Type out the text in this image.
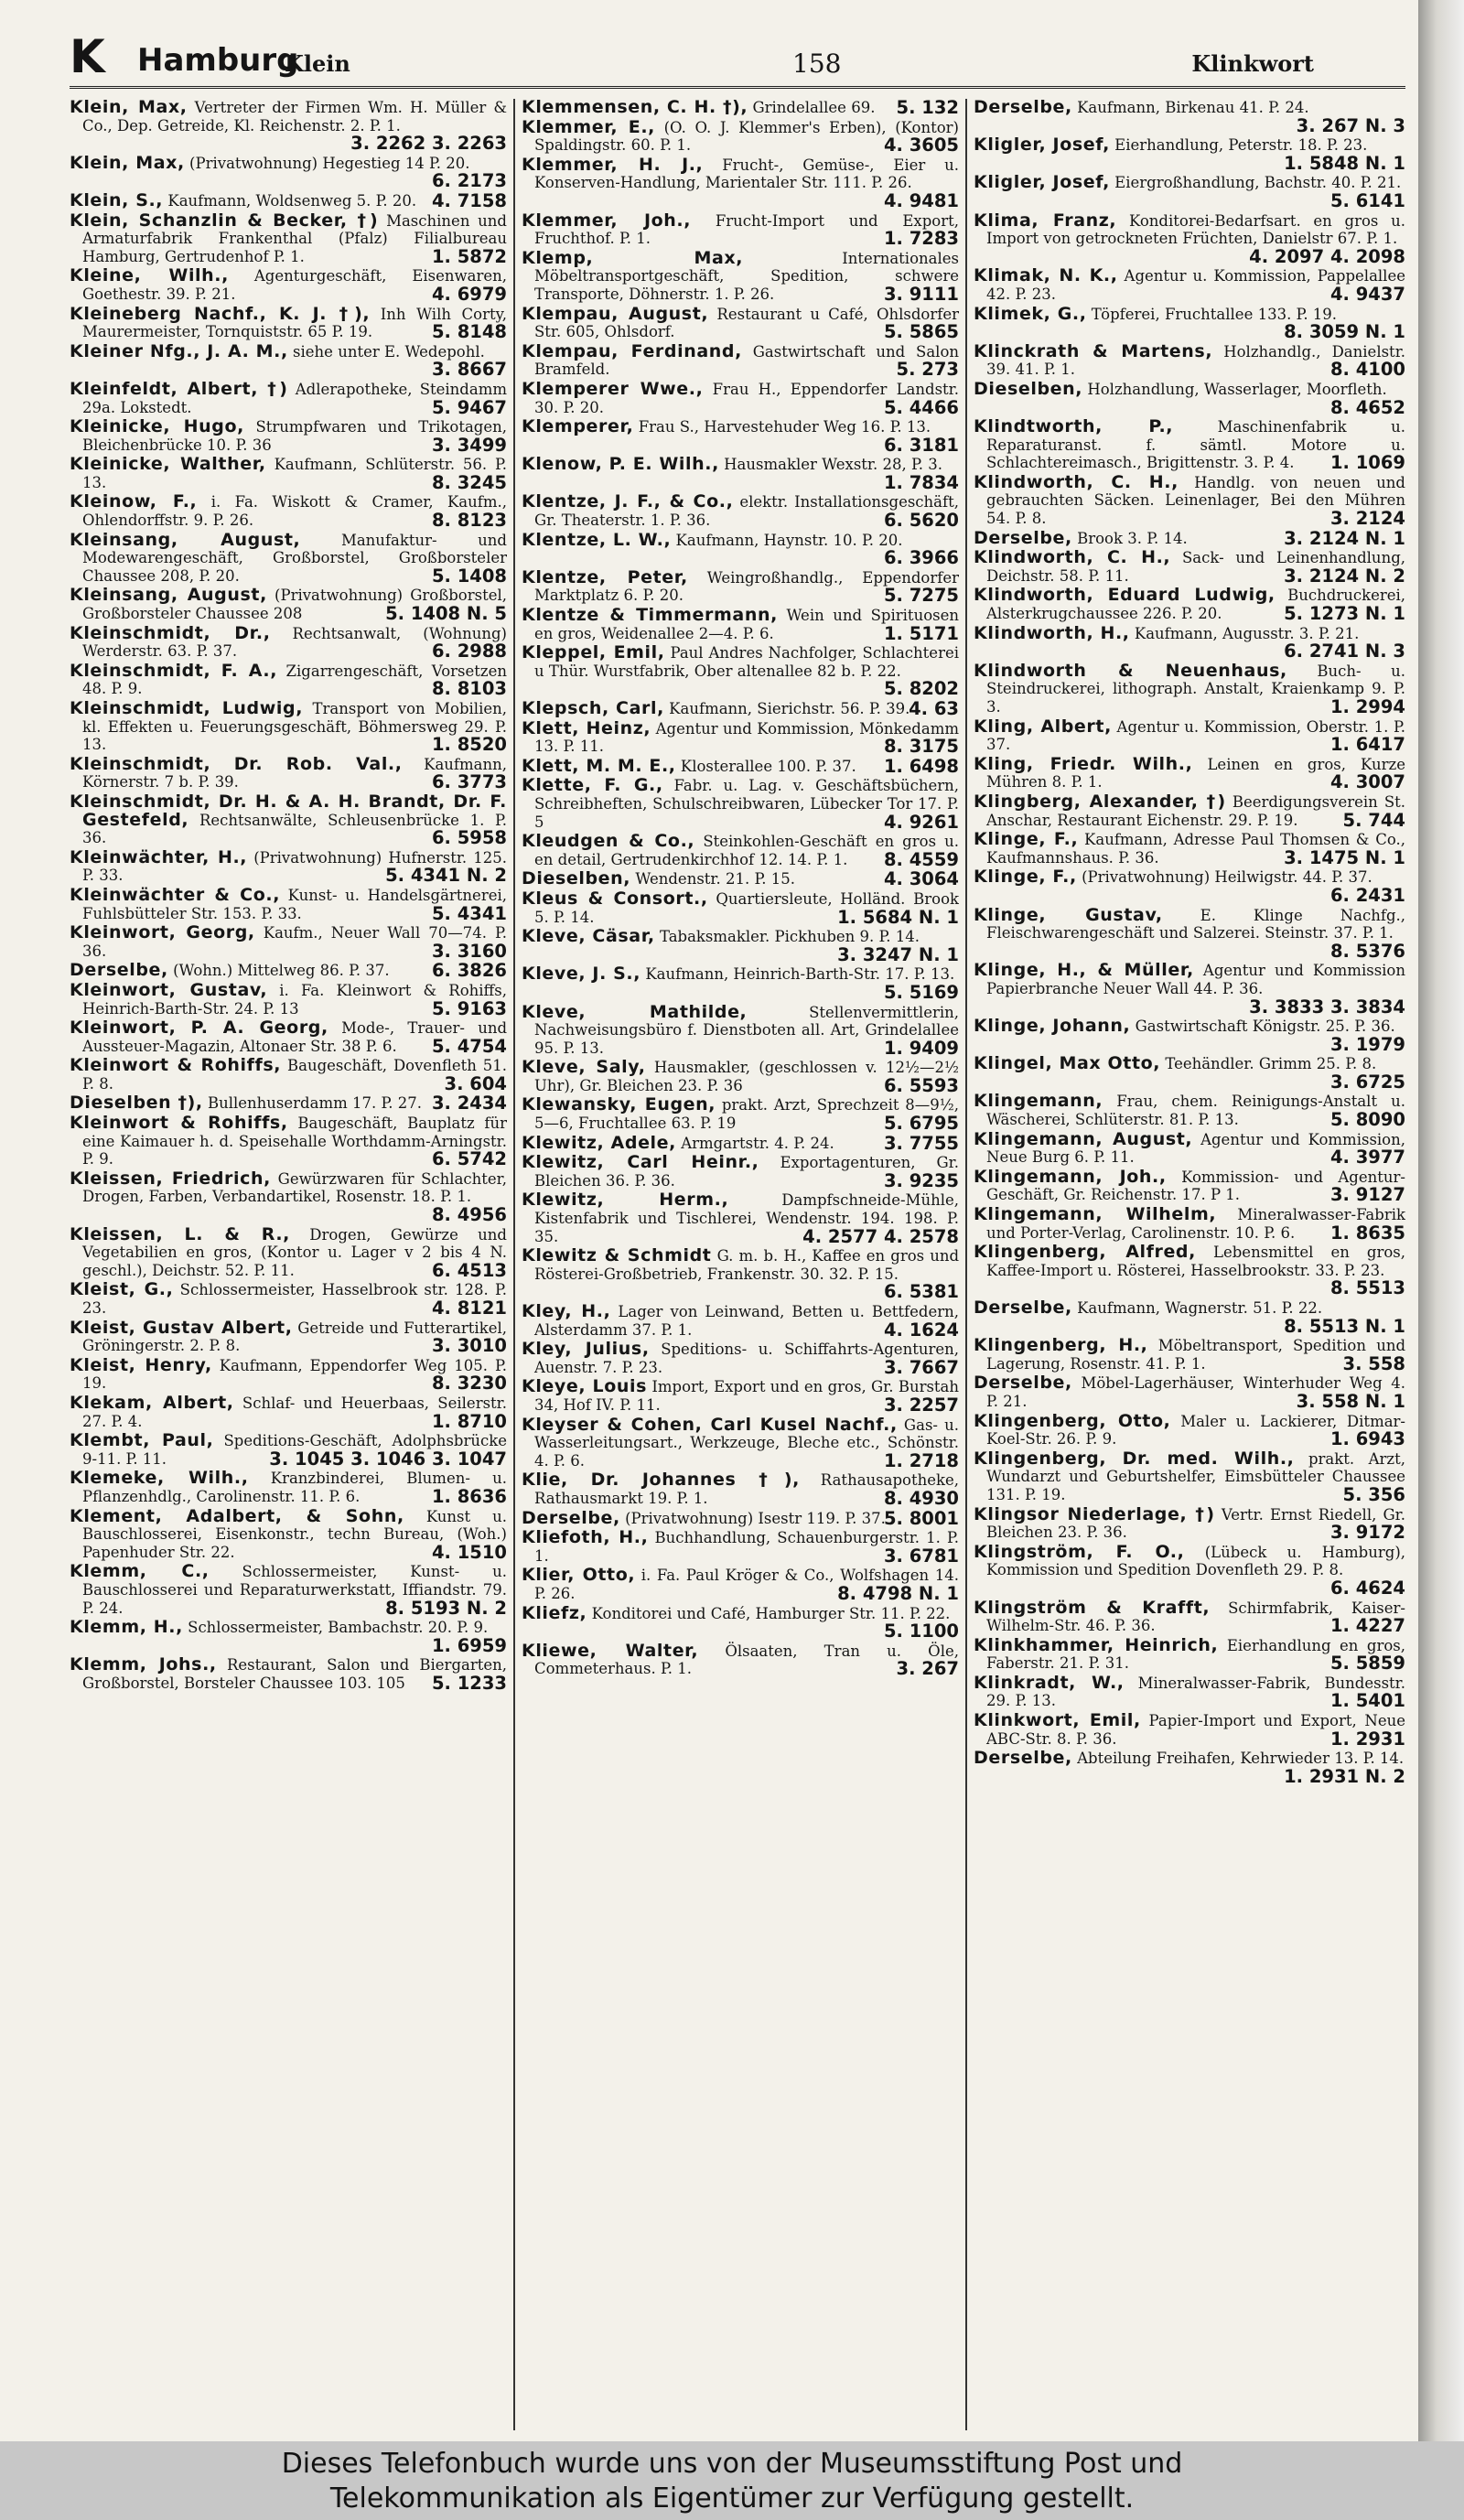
K Hamburg
Klein	158	Klinkwort

Klein, Max, Vertreter der Firmen Wm. H. Müller & Co., Dep. Getreide, Kl. Reichenstr. 2. P. 1.
3. 2262 3. 2263

Klein, Max, (Privatwohnung) Hegestieg 14 P. 20.
6. 2173

Klein, S., Kaufmann, Woldsenweg 5. P. 20. 4. 7158

Klein, Schanzlin & Becker, †) Maschinen und Armaturfabrik Frankenthal (Pfalz) Filialbureau Hamburg, Gertrudenhof P. 1.	1. 5872

Kleine, Wilh., Agenturgeschäft, Eisenwaren, Goethestr. 39. P. 21.	4. 6979

Kleineberg Nachf., K. J. †), Inh Wilh Corty, Maurermeister, Tornquiststr. 65 P. 19.	5. 8148

Kleiner Nfg., J. A. M., siehe unter E. Wedepohl.
3. 8667

Kleinfeldt, Albert, †) Adlerapotheke, Steindamm 29a. Lokstedt.	5. 9467

Kleinicke, Hugo, Strumpfwaren und Trikotagen, Bleichenbrücke 10. P. 36	3. 3499

Kleinicke, Walther, Kaufmann, Schlüterstr. 56. P. 13.	8. 3245

Kleinow, F., i. Fa. Wiskott & Cramer, Kaufm., Ohlendorffstr. 9. P. 26.	8. 8123

Kleinsang, August,	Manufaktur- und Modewarengeschäft, Großborstel, Großborsteler Chaussee 208, P. 20.	5. 1408

Kleinsang, August, (Privatwohnung) Großborstel, Großborsteler Chaussee 208	5. 1408 N. 5

Kleinschmidt, Dr., Rechtsanwalt, (Wohnung) Werderstr. 63. P. 37.	6. 2988

Kleinschmidt, F. A., Zigarrengeschäft, Vorsetzen 48. P. 9.	8. 8103

Kleinschmidt, Ludwig, Transport von Mobilien, kl. Effekten u. Feuerungsgeschäft, Böhmersweg 29. P. 13.	1. 8520

Kleinschmidt, Dr. Rob. Val., Kaufmann, Körnerstr. 7 b. P. 39.	6. 3773

Kleinschmidt, Dr. H. & A. H. Brandt, Dr. F. Gestefeld, Rechtsanwälte, Schleusenbrücke 1. P. 36.	6. 5958

Kleinwächter, H., (Privatwohnung) Hufnerstr. 125. P. 33.	5. 4341 N. 2

Kleinwächter & Co., Kunst- u. Handelsgärtnerei, Fuhlsbütteler Str. 153. P. 33.	5. 4341

Kleinwort, Georg, Kaufm., Neuer Wall 70—74. P. 36.	3. 3160

Derselbe, (Wohn.) Mittelweg 86. P. 37. 6. 3826

Kleinwort, Gustav, i. Fa. Kleinwort & Rohiffs, Heinrich-Barth-Str. 24. P. 13	5. 9163

Kleinwort, P. A. Georg, Mode-, Trauer- und Aussteuer-Magazin, Altonaer Str. 38 P. 6. 5. 4754

Kleinwort & Rohiffs, Baugeschäft, Dovenfleth 51. P. 8.	3. 604

Dieselben †), Bullenhuserdamm 17. P. 27. 3. 2434

Kleinwort & Rohiffs, Baugeschäft, Bauplatz für eine Kaimauer h. d. Speisehalle Worthdamm-Arningstr. P. 9.	6. 5742

Kleissen, Friedrich, Gewürzwaren für Schlachter, Drogen, Farben, Verbandartikel, Rosenstr. 18. P. 1.
8. 4956

Kleissen, L. & R., Drogen, Gewürze und Vegetabilien en gros, (Kontor u. Lager v 2 bis 4 N. geschl.), Deichstr. 52. P. 11.	6. 4513

Kleist, G., Schlossermeister, Hasselbrook str. 128. P. 23.	4. 8121

Kleist, Gustav Albert, Getreide und Futterartikel, Gröningerstr. 2. P. 8.	3. 3010

Kleist, Henry, Kaufmann, Eppendorfer Weg 105. P. 19.	8. 3230

Klekam, Albert, Schlaf- und Heuerbaas, Seilerstr. 27. P. 4.	1. 8710

Klembt, Paul, Speditions-Geschäft, Adolphsbrücke 9-11. P. 11.	3. 1045 3. 1046 3. 1047

Klemeke, Wilh., Kranzbinderei, Blumen- u. Pflanzenhdlg., Carolinenstr. 11. P. 6.	1. 8636

Klement, Adalbert, & Sohn, Kunst u. Bauschlosserei, Eisenkonstr., techn Bureau, (Woh.) Papenhuder Str. 22.	4. 1510

Klemm, C., Schlossermeister, Kunst- u. Bauschlosserei und Reparaturwerkstatt, Iffiandstr. 79. P. 24.	8. 5193 N. 2

Klemm, H., Schlossermeister, Bambachstr. 20. P. 9.
1. 6959

Klemm, Johs., Restaurant, Salon und Biergarten, Großborstel, Borsteler Chaussee 103. 105 5. 1233

Klemmensen, C. H. †), Grindelallee 69. 5. 132

Klemmer, E., (O. O. J. Klemmer's Erben), (Kontor) Spaldingstr. 60. P. 1.	4. 3605

Klemmer, H. J., Frucht-, Gemüse-, Eier u. Konserven-Handlung, Marientaler Str. 111. P. 26.
4. 9481

Klemmer, Joh., Frucht-Import und Export, Fruchthof. P. 1.	1. 7283

Klemp, Max,	Internationales Möbeltransportgeschäft, Spedition, schwere Transporte, Döhnerstr. 1. P. 26.	3. 9111

Klempau, August, Restaurant u Café, Ohlsdorfer Str. 605, Ohlsdorf.	5. 5865

Klempau, Ferdinand, Gastwirtschaft und Salon Bramfeld.	5. 273

Klemperer Wwe., Frau H., Eppendorfer Landstr. 30. P. 20.	5. 4466

Klemperer, Frau S., Harvestehuder Weg 16. P. 13.
6. 3181

Klenow, P. E. Wilh., Hausmakler Wexstr. 28, P. 3.
1. 7834

Klentze, J. F., & Co., elektr. Installationsgeschäft, Gr. Theaterstr. 1. P. 36.	6. 5620

Klentze, L. W., Kaufmann, Haynstr. 10. P. 20.
6. 3966

Klentze, Peter, Weingroßhandlg., Eppendorfer Marktplatz 6. P. 20.	5. 7275

Klentze & Timmermann, Wein und Spirituosen en gros, Weidenallee 2—4. P. 6.	1. 5171

Kleppel, Emil, Paul Andres Nachfolger, Schlachterei u Thür. Wurstfabrik, Ober altenallee 82 b. P. 22.
5. 8202

Klepsch, Carl, Kaufmann, Sierichstr. 56. P. 39.
4. 63

Klett, Heinz, Agentur und Kommission, Mönkedamm 13. P. 11.	8. 3175

Klett, M. M. E., Klosterallee 100. P. 37. 1. 6498

Klette, F. G., Fabr. u. Lag. v. Geschäftsbüchern, Schreibheften, Schulschreibwaren, Lübecker Tor 17. P. 5	4. 9261

Kleudgen & Co., Steinkohlen-Geschäft en gros u. en detail, Gertrudenkirchhof 12. 14. P. 1. 8. 4559

Dieselben, Wendenstr. 21. P. 15.	4. 3064

Kleus & Consort., Quartiersleute, Holländ. Brook 5. P. 14.	1. 5684 N. 1

Kleve, Cäsar, Tabaksmakler. Pickhuben 9. P. 14.
3. 3247 N. 1

Kleve, J. S., Kaufmann, Heinrich-Barth-Str. 17. P. 13.
5. 5169

Kleve, Mathilde,	Stellenvermittlerin, Nachweisungsbüro f. Dienstboten all. Art, Grindelallee 95. P. 13.	1. 9409

Kleve, Saly, Hausmakler, (geschlossen v. 12½—2½ Uhr), Gr. Bleichen 23. P. 36	6. 5593

Klewansky, Eugen, prakt. Arzt, Sprechzeit 8—9½, 5—6, Fruchtallee 63. P. 19	5. 6795

Klewitz, Adele, Armgartstr. 4. P. 24.	3. 7755

Klewitz, Carl Heinr., Exportagenturen, Gr. Bleichen 36. P. 36.	3. 9235

Klewitz, Herm.,	Dampfschneide-Mühle, Kistenfabrik und Tischlerei, Wendenstr. 194. 198. P. 35.	4. 2577 4. 2578

Klewitz & Schmidt G. m. b. H., Kaffee en gros und Rösterei-Großbetrieb, Frankenstr. 30. 32. P. 15.
6. 5381

Kley, H., Lager von Leinwand, Betten u. Bettfedern, Alsterdamm 37. P. 1.	4. 1624

Kley, Julius, Speditions- u. Schiffahrts-Agenturen, Auenstr. 7. P. 23.	3. 7667

Kleye, Louis Import, Export und en gros, Gr. Burstah 34, Hof IV. P. 11.	3. 2257

Kleyser & Cohen, Carl Kusel Nachf., Gas- u. Wasserleitungsart., Werkzeuge, Bleche etc., Schönstr. 4. P. 6.	1. 2718

Klie, Dr. Johannes †), Rathausapotheke, Rathausmarkt 19. P. 1.	8. 4930

Derselbe, (Privatwohnung) Isestr 119. P. 37.
5. 8001

Kliefoth, H., Buchhandlung, Schauenburgerstr. 1. P. 1.	3. 6781

Klier, Otto, i. Fa. Paul Kröger & Co., Wolfshagen 14. P. 26.	8. 4798 N. 1

Kliefz, Konditorei und Café, Hamburger Str. 11. P. 22.
5. 1100

Kliewe, Walter, Ölsaaten, Tran u. Öle, Commeterhaus. P. 1.	3. 267

Derselbe, Kaufmann, Birkenau 41. P. 24.
3. 267 N. 3

Kligler, Josef, Eierhandlung, Peterstr. 18. P. 23.
1. 5848 N. 1

Kligler, Josef, Eiergroßhandlung, Bachstr. 40. P. 21.
5. 6141

Klima, Franz, Konditorei-Bedarfsart. en gros u. Import von getrockneten Früchten, Danielstr 67. P. 1.
4. 2097 4. 2098

Klimak, N. K., Agentur u. Kommission, Pappelallee 42. P. 23.	4. 9437

Klimek, G., Töpferei, Fruchtallee 133. P. 19.
8. 3059 N. 1

Klinckrath & Martens, Holzhandlg., Danielstr. 39. 41. P. 1.	8. 4100

Dieselben, Holzhandlung, Wasserlager, Moorfleth.
8. 4652

Klindtworth, P.,	Maschinenfabrik u. Reparaturanst. f. sämtl. Motore u. Schlachtereimasch., Brigittenstr. 3. P. 4. 1. 1069

Klindworth, C. H., Handlg. von neuen und gebrauchten Säcken. Leinenlager, Bei den Mühren 54. P. 8.	3. 2124

Derselbe, Brook 3. P. 14.	3. 2124 N. 1

Klindworth, C. H., Sack- und Leinenhandlung, Deichstr. 58. P. 11.	3. 2124 N. 2

Klindworth, Eduard Ludwig, Buchdruckerei, Alsterkrugchaussee 226. P. 20.	5. 1273 N. 1

Klindworth, H., Kaufmann, Augusstr. 3. P. 21.
6. 2741 N. 3

Klindworth & Neuenhaus, Buch- u. Steindruckerei, lithograph. Anstalt, Kraienkamp 9. P. 3.	1. 2994

Kling, Albert, Agentur u. Kommission, Oberstr. 1. P. 37.	1. 6417

Kling, Friedr. Wilh., Leinen en gros, Kurze Mühren 8. P. 1.	4. 3007

Klingberg, Alexander, †) Beerdigungsverein St. Anschar, Restaurant Eichenstr. 29. P. 19.	5. 744

Klinge, F., Kaufmann, Adresse Paul Thomsen & Co., Kaufmannshaus. P. 36.	3. 1475 N. 1

Klinge, F., (Privatwohnung) Heilwigstr. 44. P. 37.
6. 2431

Klinge, Gustav, E. Klinge Nachfg., Fleischwarengeschäft und Salzerei. Steinstr. 37. P. 1.
8. 5376

Klinge, H., & Müller, Agentur und Kommission Papierbranche Neuer Wall 44. P. 36.
3. 3833 3. 3834

Klinge, Johann, Gastwirtschaft Königstr. 25. P. 36.
3. 1979

Klingel, Max Otto, Teehändler. Grimm 25. P. 8.
3. 6725

Klingemann, Frau, chem. Reinigungs-Anstalt u. Wäscherei, Schlüterstr. 81. P. 13.	5. 8090

Klingemann, August, Agentur und Kommission, Neue Burg 6. P. 11.	4. 3977

Klingemann, Joh., Kommission- und Agentur-Geschäft, Gr. Reichenstr. 17. P 1.	3. 9127

Klingemann, Wilhelm, Mineralwasser-Fabrik und Porter-Verlag, Carolinenstr. 10. P. 6. 1. 8635

Klingenberg, Alfred, Lebensmittel en gros, Kaffee-Import u. Rösterei, Hasselbrookstr. 33. P. 23.
8. 5513

Derselbe, Kaufmann, Wagnerstr. 51. P. 22.
8. 5513 N. 1

Klingenberg, H., Möbeltransport, Spedition und Lagerung, Rosenstr. 41. P. 1.	3. 558

Derselbe, Möbel-Lagerhäuser, Winterhuder Weg 4. P. 21.	3. 558 N. 1

Klingenberg, Otto, Maler u. Lackierer, Ditmar-Koel-Str. 26. P. 9.	1. 6943

Klingenberg, Dr. med. Wilh., prakt. Arzt, Wundarzt und Geburtshelfer, Eimsbütteler Chaussee 131. P. 19.	5. 356

Klingsor Niederlage, †) Vertr. Ernst Riedell, Gr. Bleichen 23. P. 36.	3. 9172

Klingström, F. O., (Lübeck u. Hamburg), Kommission und Spedition Dovenfleth 29. P. 8.
6. 4624

Klingström & Krafft, Schirmfabrik, Kaiser-Wilhelm-Str. 46. P. 36.	1. 4227

Klinkhammer, Heinrich, Eierhandlung en gros, Faberstr. 21. P. 31.	5. 5859

Klinkradt, W., Mineralwasser-Fabrik, Bundesstr. 29. P. 13.	1. 5401

Klinkwort, Emil, Papier-Import und Export, Neue ABC-Str. 8. P. 36.	1. 2931

Derselbe, Abteilung Freihafen, Kehrwieder 13. P. 14.
1. 2931 N. 2

Dieses Telefonbuch wurde uns von der Museumsstiftung Post und
Telekommunikation als Eigentümer zur Verfügung gestellt.
